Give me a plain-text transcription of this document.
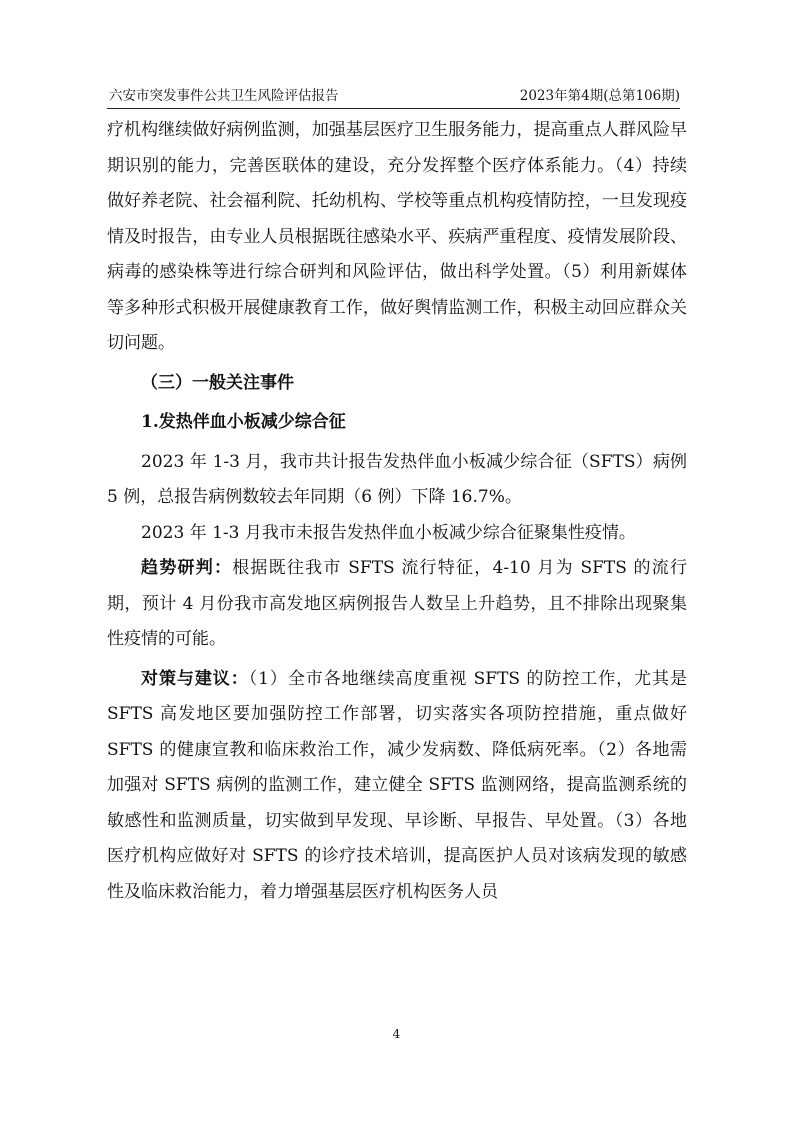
六安市突发事件公共卫生风险评估报告	2023年第4期(总第106期)

疗机构继续做好病例监测，加强基层医疗卫生服务能力，提高重点人群风险早期识别的能力，完善医联体的建设，充分发挥整个医疗体系能力。（4）持续做好养老院、社会福利院、托幼机构、学校等重点机构疫情防控，一旦发现疫情及时报告，由专业人员根据既往感染水平、疾病严重程度、疫情发展阶段、病毒的感染株等进行综合研判和风险评估，做出科学处置。（5）利用新媒体等多种形式积极开展健康教育工作，做好舆情监测工作，积极主动回应群众关切问题。

（三）一般关注事件

1.发热伴血小板减少综合征

2023 年 1-3 月，我市共计报告发热伴血小板减少综合征（SFTS）病例 5 例，总报告病例数较去年同期（6 例）下降 16.7%。

2023 年 1-3 月我市未报告发热伴血小板减少综合征聚集性疫情。

趋势研判：根据既往我市 SFTS 流行特征，4-10 月为 SFTS 的流行期，预计 4 月份我市高发地区病例报告人数呈上升趋势，且不排除出现聚集性疫情的可能。

对策与建议：（1）全市各地继续高度重视 SFTS 的防控工作，尤其是 SFTS 高发地区要加强防控工作部署，切实落实各项防控措施，重点做好 SFTS 的健康宣教和临床救治工作，减少发病数、降低病死率。（2）各地需加强对 SFTS 病例的监测工作，建立健全 SFTS 监测网络，提高监测系统的敏感性和监测质量，切实做到早发现、早诊断、早报告、早处置。（3）各地医疗机构应做好对 SFTS 的诊疗技术培训，提高医护人员对该病发现的敏感性及临床救治能力，着力增强基层医疗机构医务人员

4
